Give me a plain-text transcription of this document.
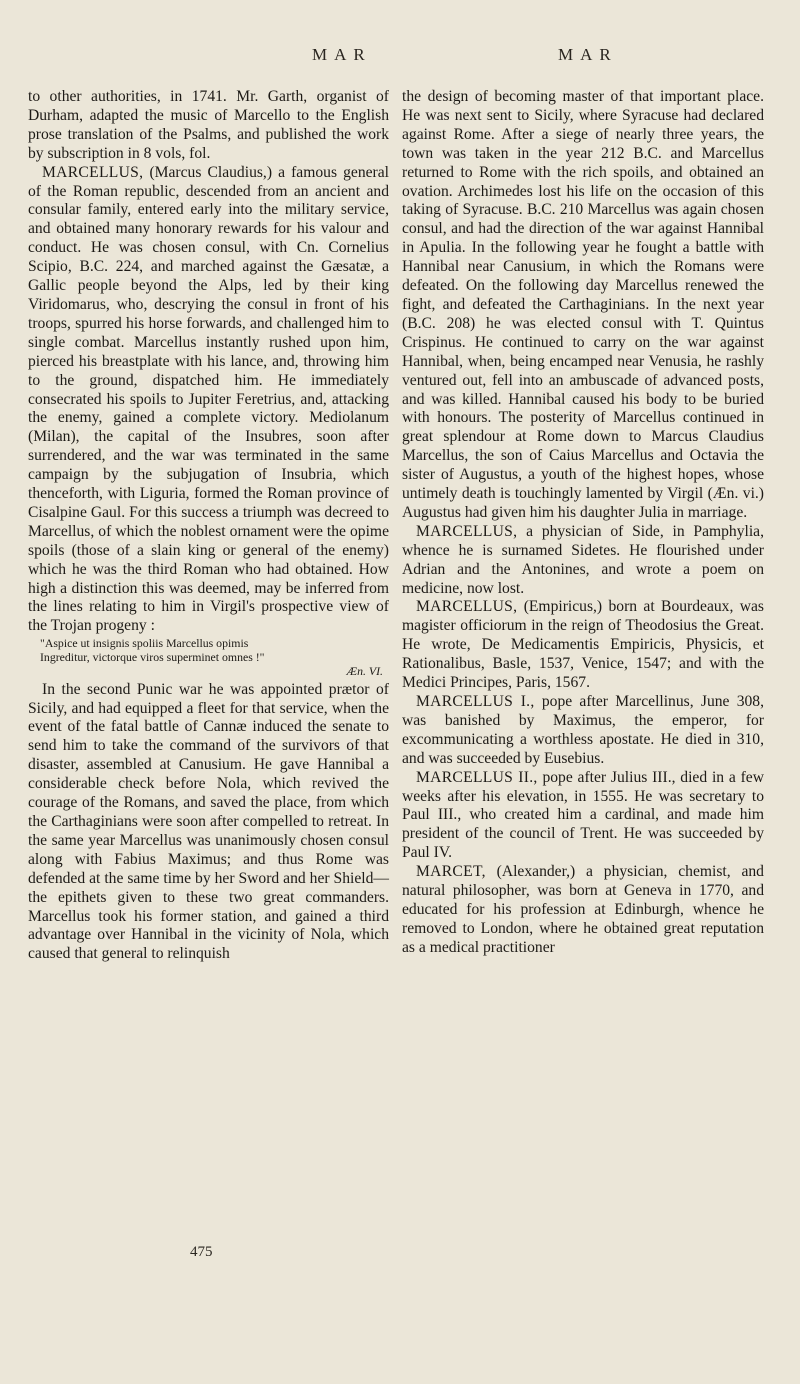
MAR	MAR

to other authorities, in 1741. Mr. Garth, organist of Durham, adapted the music of Marcello to the English prose translation of the Psalms, and published the work by subscription in 8 vols, fol.

MARCELLUS, (Marcus Claudius,) a famous general of the Roman republic, descended from an ancient and consular family, entered early into the military service, and obtained many honorary rewards for his valour and conduct. He was chosen consul, with Cn. Cornelius Scipio, B.C. 224, and marched against the Gæsatæ, a Gallic people beyond the Alps, led by their king Viridomarus, who, descrying the consul in front of his troops, spurred his horse forwards, and challenged him to single combat. Marcellus instantly rushed upon him, pierced his breastplate with his lance, and, throwing him to the ground, dispatched him. He immediately consecrated his spoils to Jupiter Feretrius, and, attacking the enemy, gained a complete victory. Mediolanum (Milan), the capital of the Insubres, soon after surrendered, and the war was terminated in the same campaign by the subjugation of Insubria, which thenceforth, with Liguria, formed the Roman province of Cisalpine Gaul. For this success a triumph was decreed to Marcellus, of which the noblest ornament were the opime spoils (those of a slain king or general of the enemy) which he was the third Roman who had obtained. How high a distinction this was deemed, may be inferred from the lines relating to him in Virgil's prospective view of the Trojan progeny :

"Aspice ut insignis spoliis Marcellus opimis
Ingreditur, victorque viros superminet omnes !"
Æn. VI.

In the second Punic war he was appointed prætor of Sicily, and had equipped a fleet for that service, when the event of the fatal battle of Cannæ induced the senate to send him to take the command of the survivors of that disaster, assembled at Canusium. He gave Hannibal a considerable check before Nola, which revived the courage of the Romans, and saved the place, from which the Carthaginians were soon after compelled to retreat. In the same year Marcellus was unanimously chosen consul along with Fabius Maximus; and thus Rome was defended at the same time by her Sword and her Shield—the epithets given to these two great commanders. Marcellus took his former station, and gained a third advantage over Hannibal in the vicinity of Nola, which caused that general to relinquish

the design of becoming master of that important place. He was next sent to Sicily, where Syracuse had declared against Rome. After a siege of nearly three years, the town was taken in the year 212 B.C. and Marcellus returned to Rome with the rich spoils, and obtained an ovation. Archimedes lost his life on the occasion of this taking of Syracuse. B.C. 210 Marcellus was again chosen consul, and had the direction of the war against Hannibal in Apulia. In the following year he fought a battle with Hannibal near Canusium, in which the Romans were defeated. On the following day Marcellus renewed the fight, and defeated the Carthaginians. In the next year (B.C. 208) he was elected consul with T. Quintus Crispinus. He continued to carry on the war against Hannibal, when, being encamped near Venusia, he rashly ventured out, fell into an ambuscade of advanced posts, and was killed. Hannibal caused his body to be buried with honours. The posterity of Marcellus continued in great splendour at Rome down to Marcus Claudius Marcellus, the son of Caius Marcellus and Octavia the sister of Augustus, a youth of the highest hopes, whose untimely death is touchingly lamented by Virgil (Æn. vi.) Augustus had given him his daughter Julia in marriage.

MARCELLUS, a physician of Side, in Pamphylia, whence he is surnamed Sidetes. He flourished under Adrian and the Antonines, and wrote a poem on medicine, now lost.

MARCELLUS, (Empiricus,) born at Bourdeaux, was magister officiorum in the reign of Theodosius the Great. He wrote, De Medicamentis Empiricis, Physicis, et Rationalibus, Basle, 1537, Venice, 1547; and with the Medici Principes, Paris, 1567.

MARCELLUS I., pope after Marcellinus, June 308, was banished by Maximus, the emperor, for excommunicating a worthless apostate. He died in 310, and was succeeded by Eusebius.

MARCELLUS II., pope after Julius III., died in a few weeks after his elevation, in 1555. He was secretary to Paul III., who created him a cardinal, and made him president of the council of Trent. He was succeeded by Paul IV.

MARCET, (Alexander,) a physician, chemist, and natural philosopher, was born at Geneva in 1770, and educated for his profession at Edinburgh, whence he removed to London, where he obtained great reputation as a medical practitioner

475
